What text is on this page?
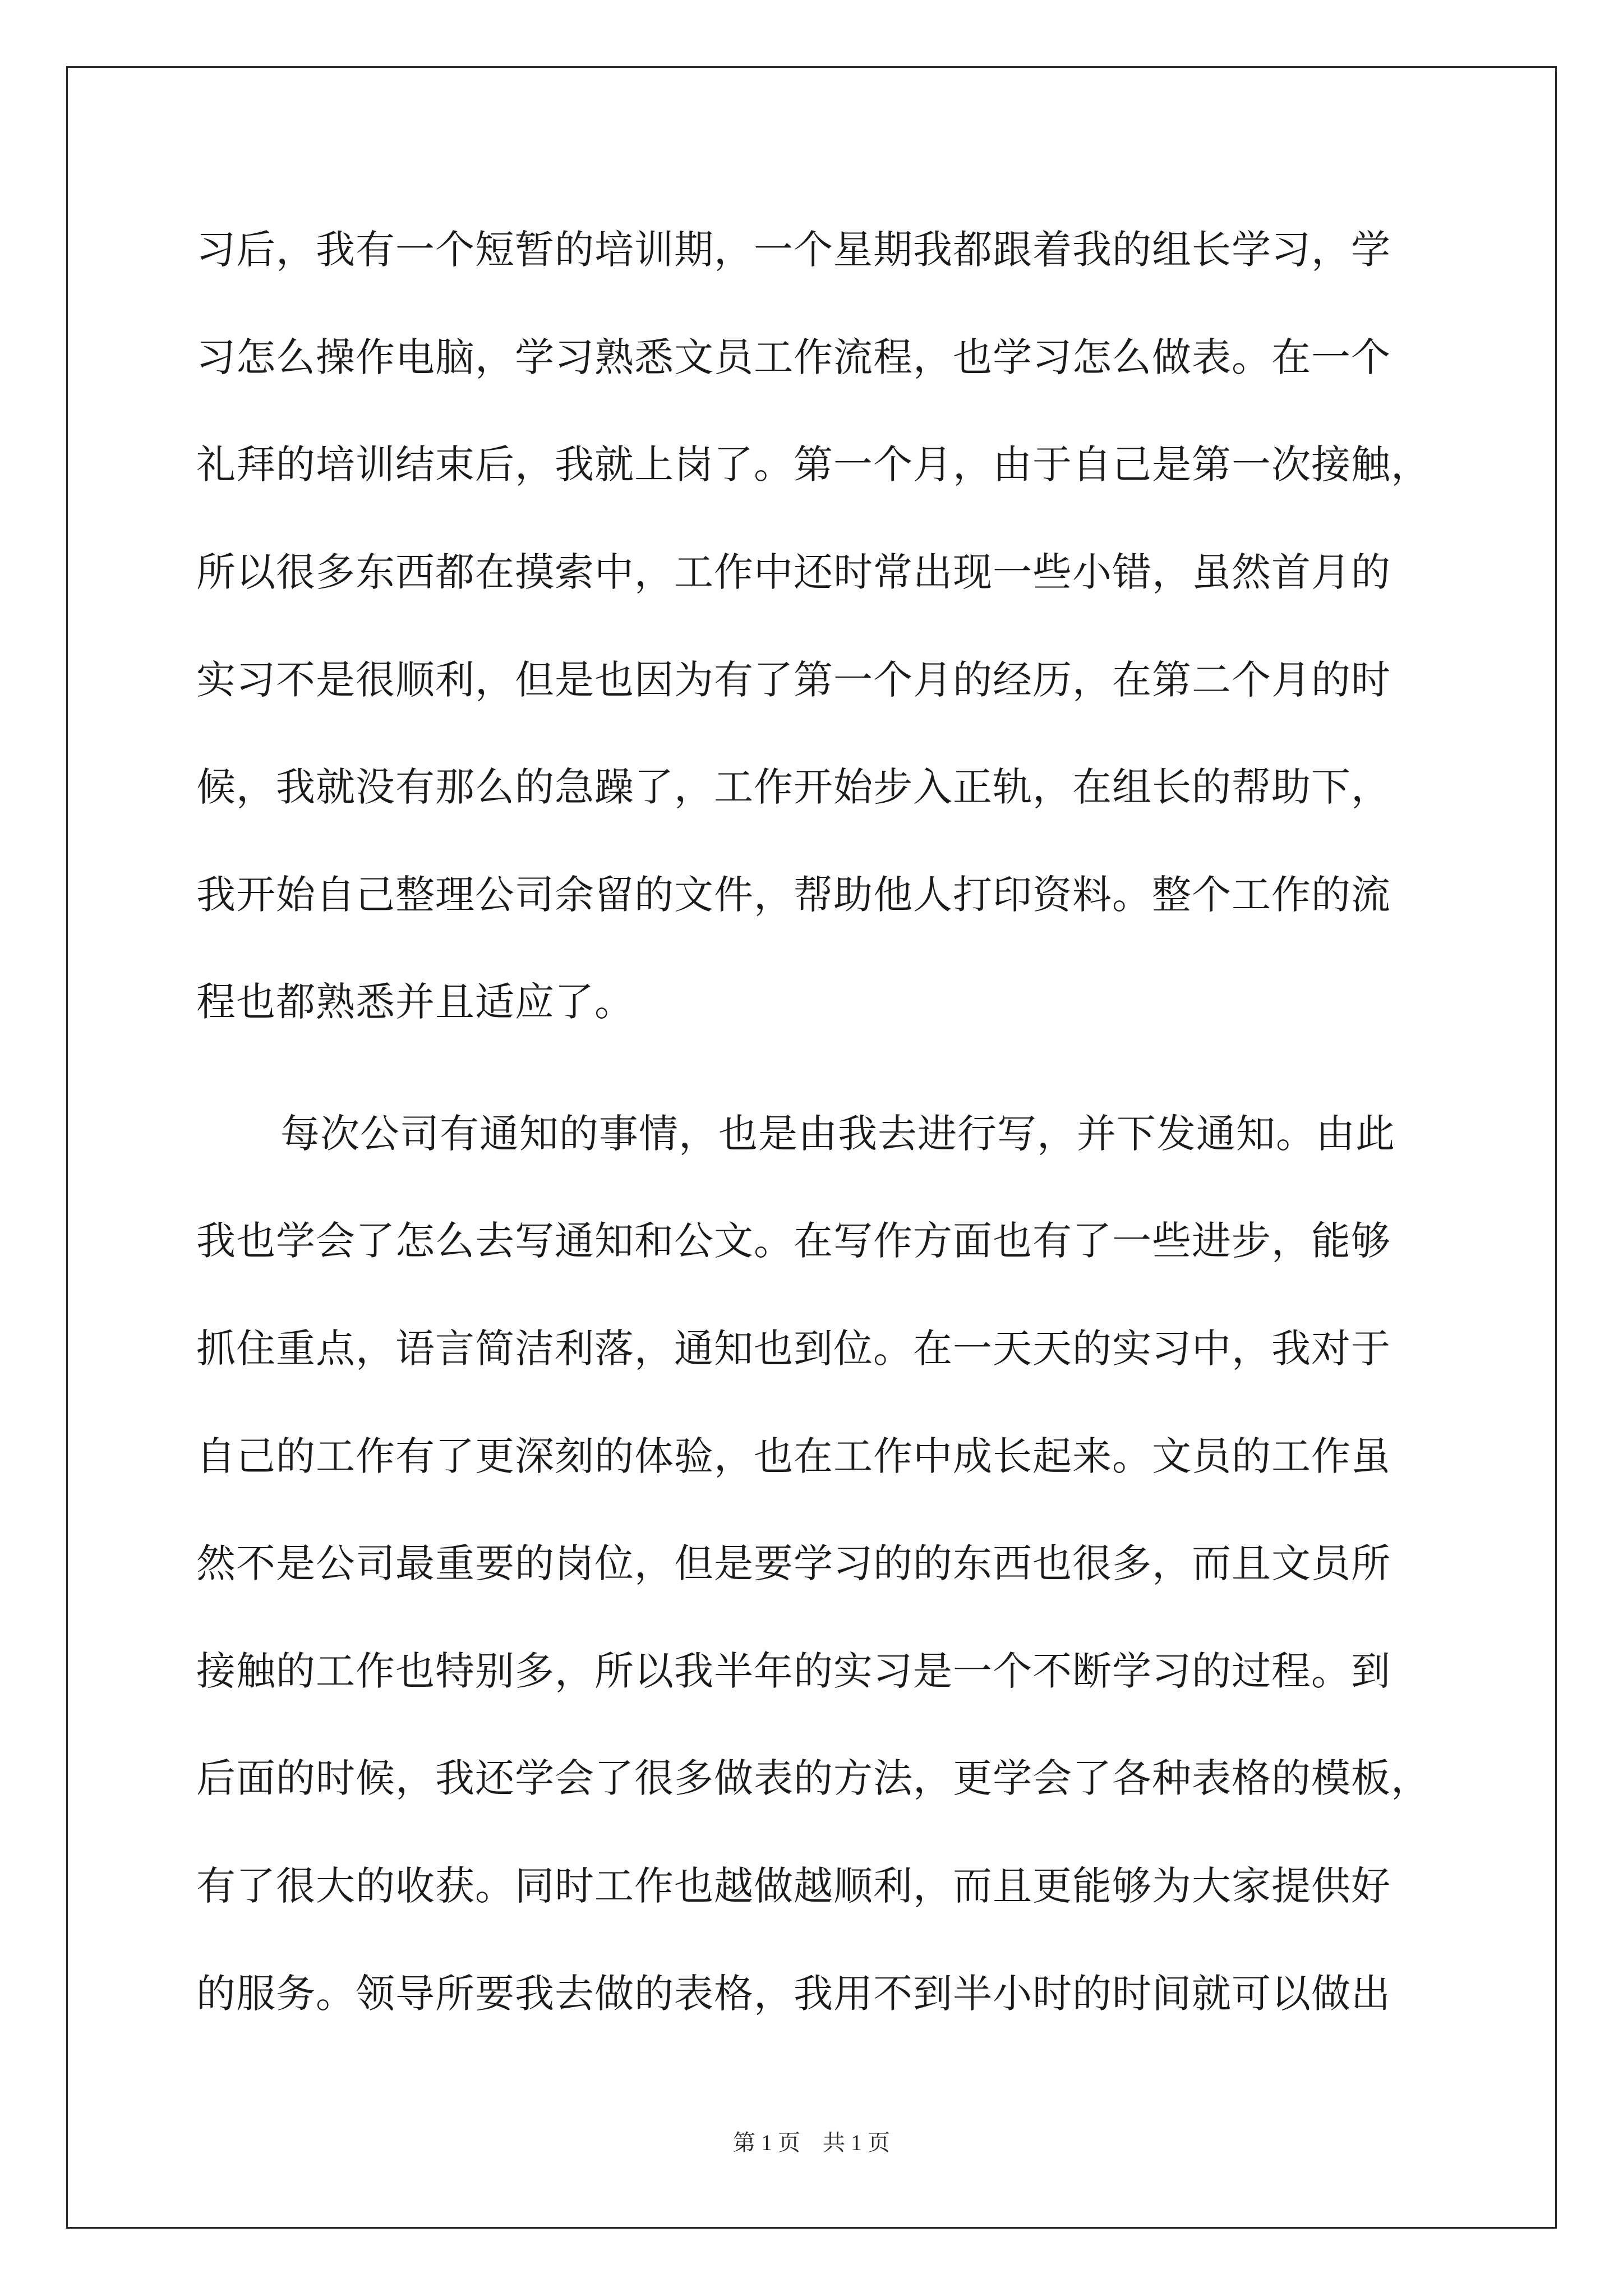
习后，我有一个短暂的培训期，一个星期我都跟着我的组长学习，学
习怎么操作电脑，学习熟悉文员工作流程，也学习怎么做表。在一个
礼拜的培训结束后，我就上岗了。第一个月，由于自己是第一次接触，
所以很多东西都在摸索中，工作中还时常出现一些小错，虽然首月的
实习不是很顺利，但是也因为有了第一个月的经历，在第二个月的时
候，我就没有那么的急躁了，工作开始步入正轨，在组长的帮助下，
我开始自己整理公司余留的文件，帮助他人打印资料。整个工作的流
程也都熟悉并且适应了。
每次公司有通知的事情，也是由我去进行写，并下发通知。由此
我也学会了怎么去写通知和公文。在写作方面也有了一些进步，能够
抓住重点，语言简洁利落，通知也到位。在一天天的实习中，我对于
自己的工作有了更深刻的体验，也在工作中成长起来。文员的工作虽
然不是公司最重要的岗位，但是要学习的的东西也很多，而且文员所
接触的工作也特别多，所以我半年的实习是一个不断学习的过程。到
后面的时候，我还学会了很多做表的方法，更学会了各种表格的模板，
有了很大的收获。同时工作也越做越顺利，而且更能够为大家提供好
的服务。领导所要我去做的表格，我用不到半小时的时间就可以做出
第 1 页　共 1 页
